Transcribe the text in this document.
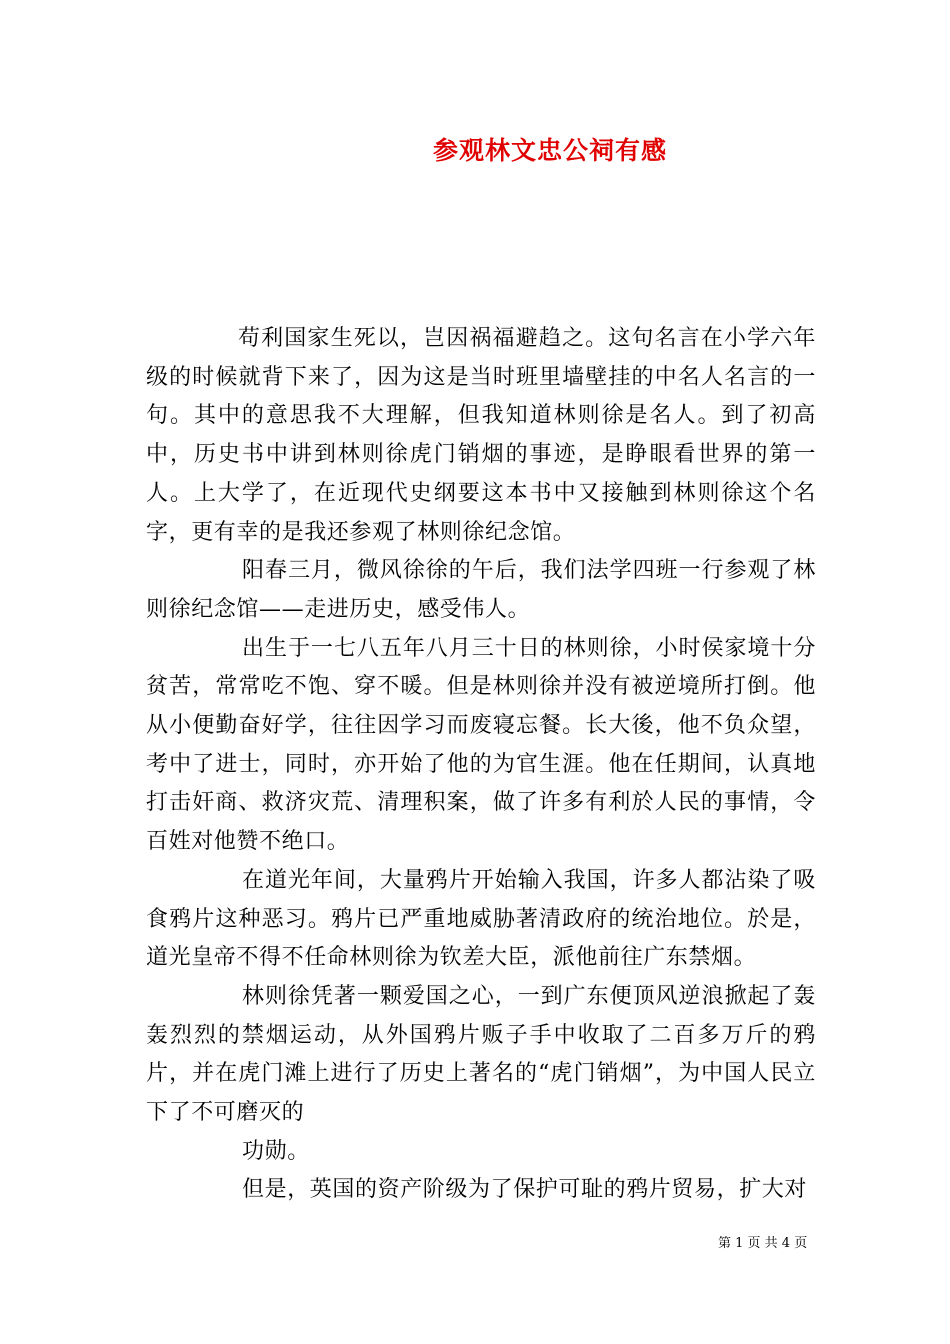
参观林文忠公祠有感

苟利国家生死以，岂因祸福避趋之。这句名言在小学六年级的时候就背下来了，因为这是当时班里墙壁挂的中名人名言的一句。其中的意思我不大理解，但我知道林则徐是名人。到了初高中，历史书中讲到林则徐虎门销烟的事迹，是睁眼看世界的第一人。上大学了，在近现代史纲要这本书中又接触到林则徐这个名字，更有幸的是我还参观了林则徐纪念馆。

阳春三月，微风徐徐的午后，我们法学四班一行参观了林则徐纪念馆——走进历史，感受伟人。

出生于一七八五年八月三十日的林则徐，小时侯家境十分贫苦，常常吃不饱、穿不暖。但是林则徐并没有被逆境所打倒。他从小便勤奋好学，往往因学习而废寝忘餐。长大後，他不负众望，考中了进士，同时，亦开始了他的为官生涯。他在任期间，认真地打击奸商、救济灾荒、清理积案，做了许多有利於人民的事情，令百姓对他赞不绝口。

在道光年间，大量鸦片开始输入我国，许多人都沾染了吸食鸦片这种恶习。鸦片已严重地威胁著清政府的统治地位。於是，道光皇帝不得不任命林则徐为钦差大臣，派他前往广东禁烟。

林则徐凭著一颗爱国之心，一到广东便顶风逆浪掀起了轰轰烈烈的禁烟运动，从外国鸦片贩子手中收取了二百多万斤的鸦片，并在虎门滩上进行了历史上著名的“虎门销烟”，为中国人民立下了不可磨灭的

功勋。

但是，英国的资产阶级为了保护可耻的鸦片贸易，扩大对

第 1 页 共 4 页
